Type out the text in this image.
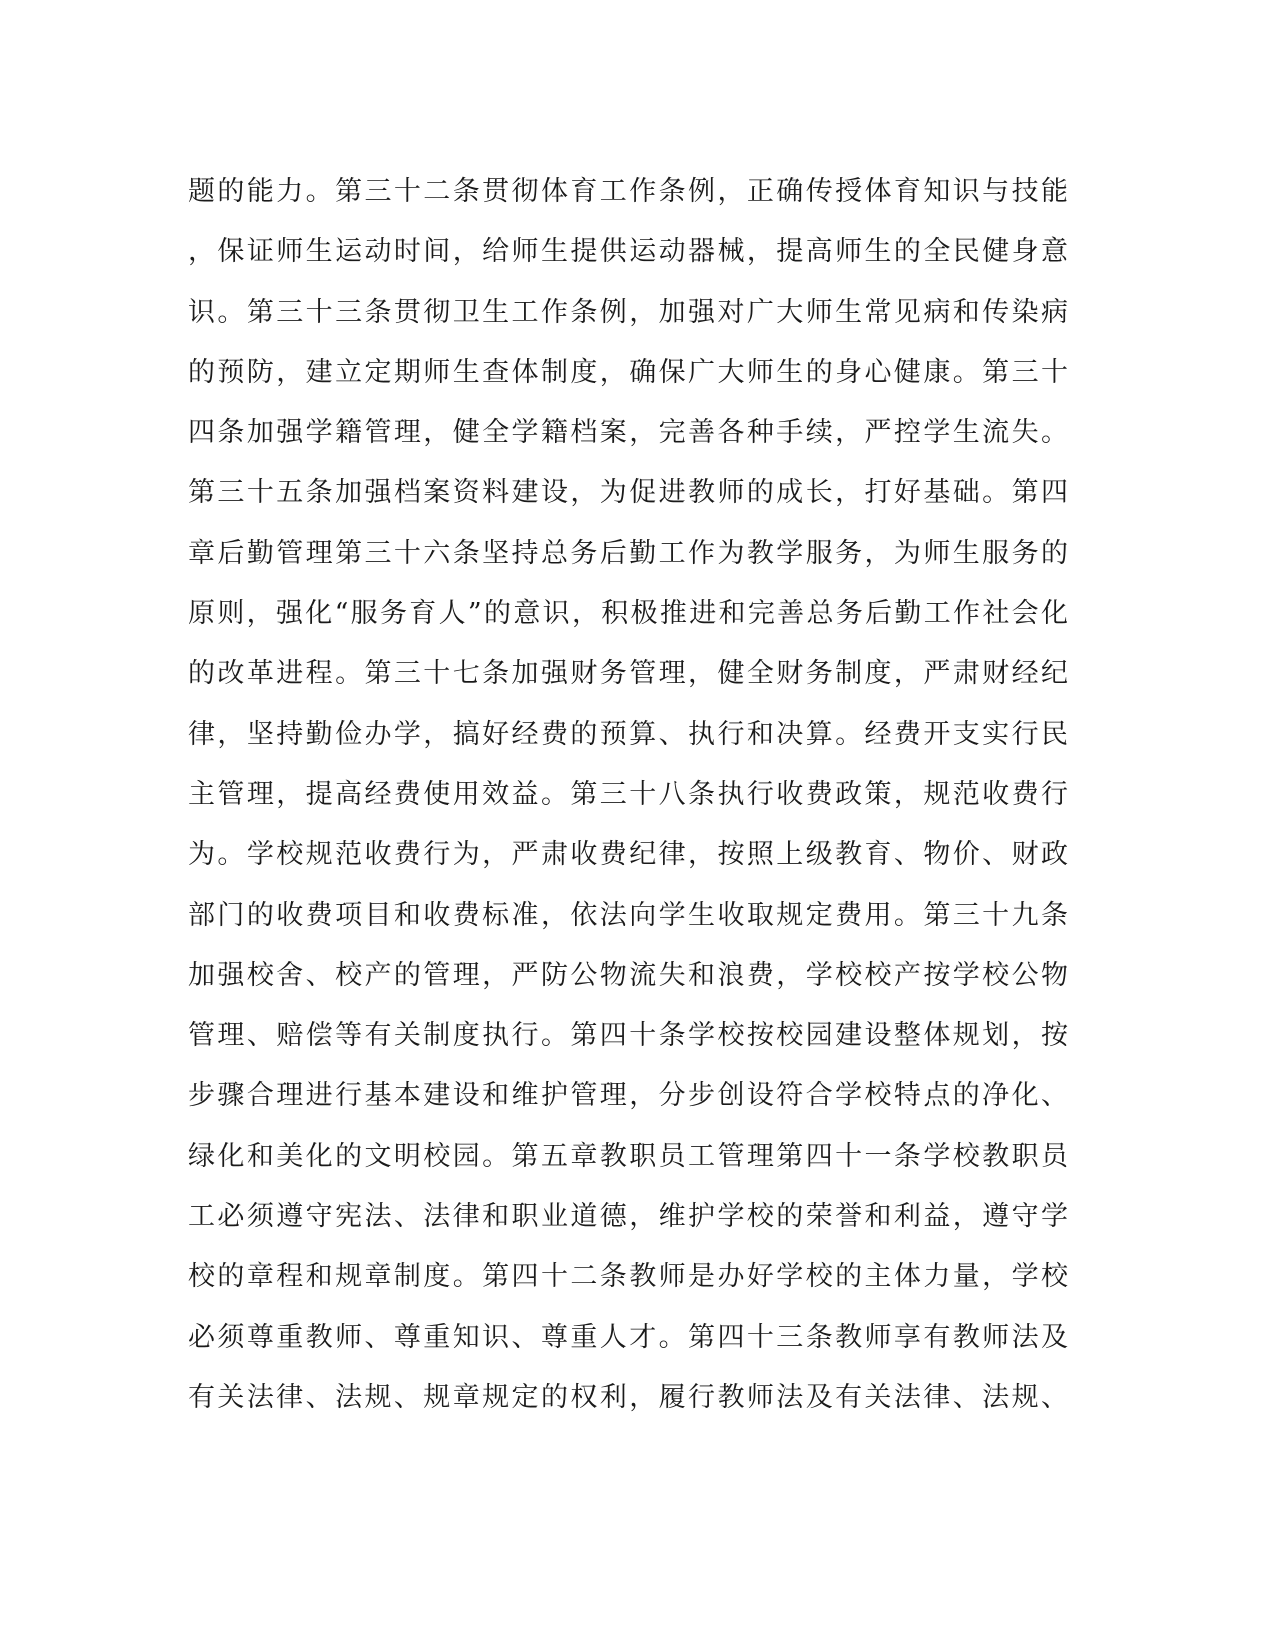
题的能力。第三十二条贯彻体育工作条例，正确传授体育知识与技能
，保证师生运动时间，给师生提供运动器械，提高师生的全民健身意
识。第三十三条贯彻卫生工作条例，加强对广大师生常见病和传染病
的预防，建立定期师生查体制度，确保广大师生的身心健康。第三十
四条加强学籍管理，健全学籍档案，完善各种手续，严控学生流失。
第三十五条加强档案资料建设，为促进教师的成长，打好基础。第四
章后勤管理第三十六条坚持总务后勤工作为教学服务，为师生服务的
原则，强化“服务育人”的意识，积极推进和完善总务后勤工作社会化
的改革进程。第三十七条加强财务管理，健全财务制度，严肃财经纪
律，坚持勤俭办学，搞好经费的预算、执行和决算。经费开支实行民
主管理，提高经费使用效益。第三十八条执行收费政策，规范收费行
为。学校规范收费行为，严肃收费纪律，按照上级教育、物价、财政
部门的收费项目和收费标准，依法向学生收取规定费用。第三十九条
加强校舍、校产的管理，严防公物流失和浪费，学校校产按学校公物
管理、赔偿等有关制度执行。第四十条学校按校园建设整体规划，按
步骤合理进行基本建设和维护管理，分步创设符合学校特点的净化、
绿化和美化的文明校园。第五章教职员工管理第四十一条学校教职员
工必须遵守宪法、法律和职业道德，维护学校的荣誉和利益，遵守学
校的章程和规章制度。第四十二条教师是办好学校的主体力量，学校
必须尊重教师、尊重知识、尊重人才。第四十三条教师享有教师法及
有关法律、法规、规章规定的权利，履行教师法及有关法律、法规、
